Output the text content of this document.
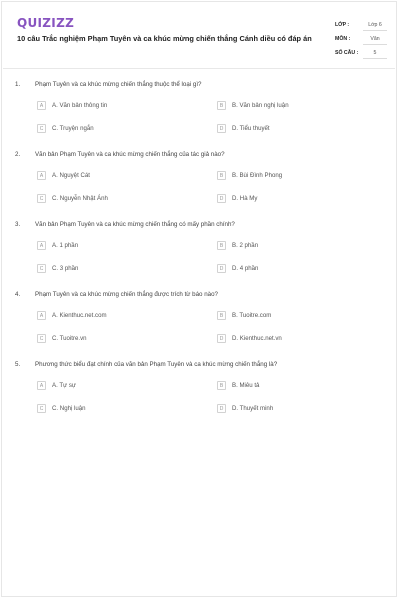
QUIZIZZ
10 câu Trắc nghiệm Phạm Tuyên và ca khúc mừng chiến thắng Cánh diều có đáp án
LỚP :	Lớp 6
MÔN :	Văn
SỐ CÂU :	5
1.	Phạm Tuyên và ca khúc mừng chiến thắng thuộc thể loại gì?
A	A. Văn bản thông tin	B	B. Văn bản nghị luận
C	C. Truyện ngắn	D	D. Tiểu thuyết
2.	Văn bản Phạm Tuyên và ca khúc mừng chiến thắng của tác giả nào?
A	A. Nguyệt Cát	B	B. Bùi Đình Phong
C	C. Nguyễn Nhật Ánh	D	D. Hà My
3.	Văn bản Phạm Tuyên và ca khúc mừng chiến thắng có mấy phần chính?
A	A. 1 phần	B	B. 2 phần
C	C. 3 phần	D	D. 4 phần
4.	Phạm Tuyên và ca khúc mừng chiến thắng được trích từ báo nào?
A	A. Kienthuc.net.com	B	B. Tuoitre.com
C	C. Tuoitre.vn	D	D. Kienthuc.net.vn
5.	Phương thức biểu đạt chính của văn bản Phạm Tuyên và ca khúc mừng chiến thắng là?
A	A. Tự sự	B	B. Miêu tả
C	C. Nghị luận	D	D. Thuyết minh
